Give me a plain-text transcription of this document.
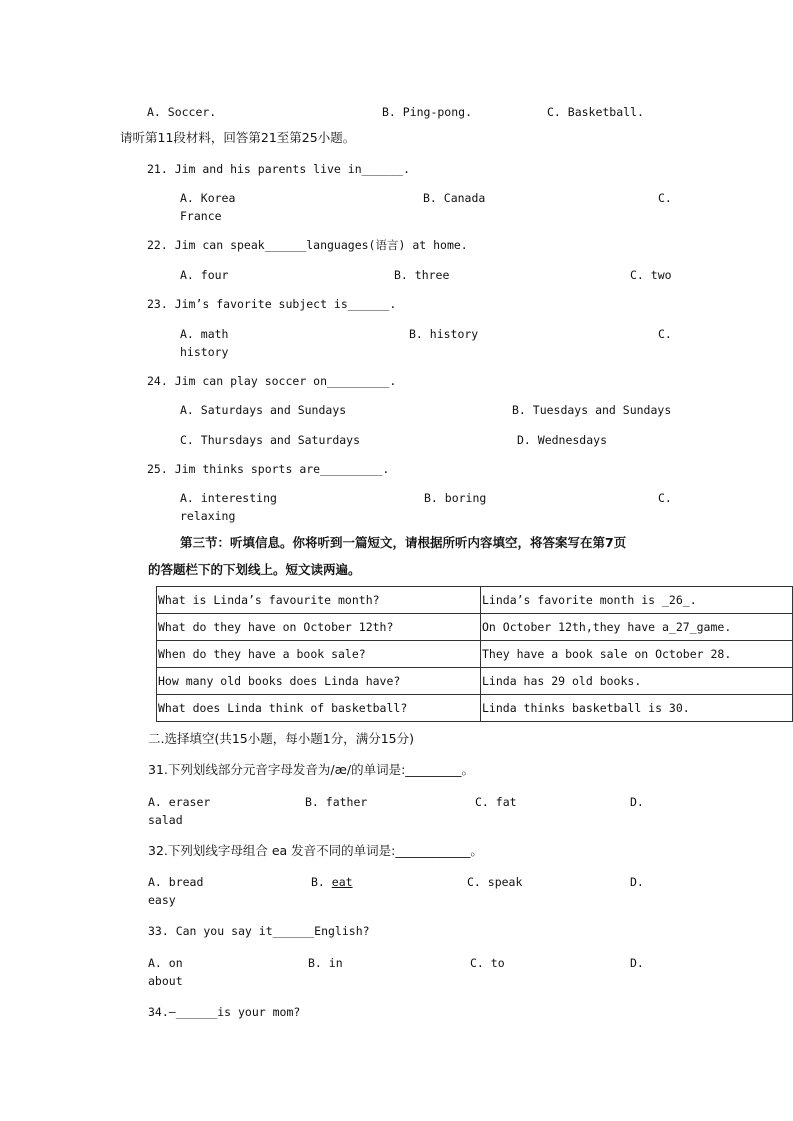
A. Soccer.	B. Ping-pong.	C. Basketball.
请听第11段材料，回答第21至第25小题。
21. Jim and his parents live in______.
A. Korea	B. Canada	C.
France
22. Jim can speak______languages(语言) at home.
A. four	B. three	C. two
23. Jim’s favorite subject is______.
A. math	B. history	C.
history
24. Jim can play soccer on_________.
A. Saturdays and Sundays	B. Tuesdays and Sundays
C. Thursdays and Saturdays	D. Wednesdays
25. Jim thinks sports are_________.
A. interesting	B. boring	C.
relaxing
第三节：听填信息。你将听到一篇短文，请根据所听内容填空，将答案写在第7页
的答题栏下的下划线上。短文读两遍。
What is Linda’s favourite month?	Linda’s favorite month is _26_.
What do they have on October 12th?	On October 12th,they have a_27_game.
When do they have a book sale?	They have a book sale on October 28.
How many old books does Linda have?	Linda has 29 old books.
What does Linda think of basketball?	Linda thinks basketball is 30.
二.选择填空(共15小题，每小题1分，满分15分)
31.下列划线部分元音字母发音为/æ/的单词是:_________。
A. eraser	B. father	C. fat	D.
salad
32.下列划线字母组合 ea 发音不同的单词是:____________。
A. bread	B. eat	C. speak	D.
easy
33. Can you say it______English?
A. on	B. in	C. to	D.
about
34.—______is your mom?
